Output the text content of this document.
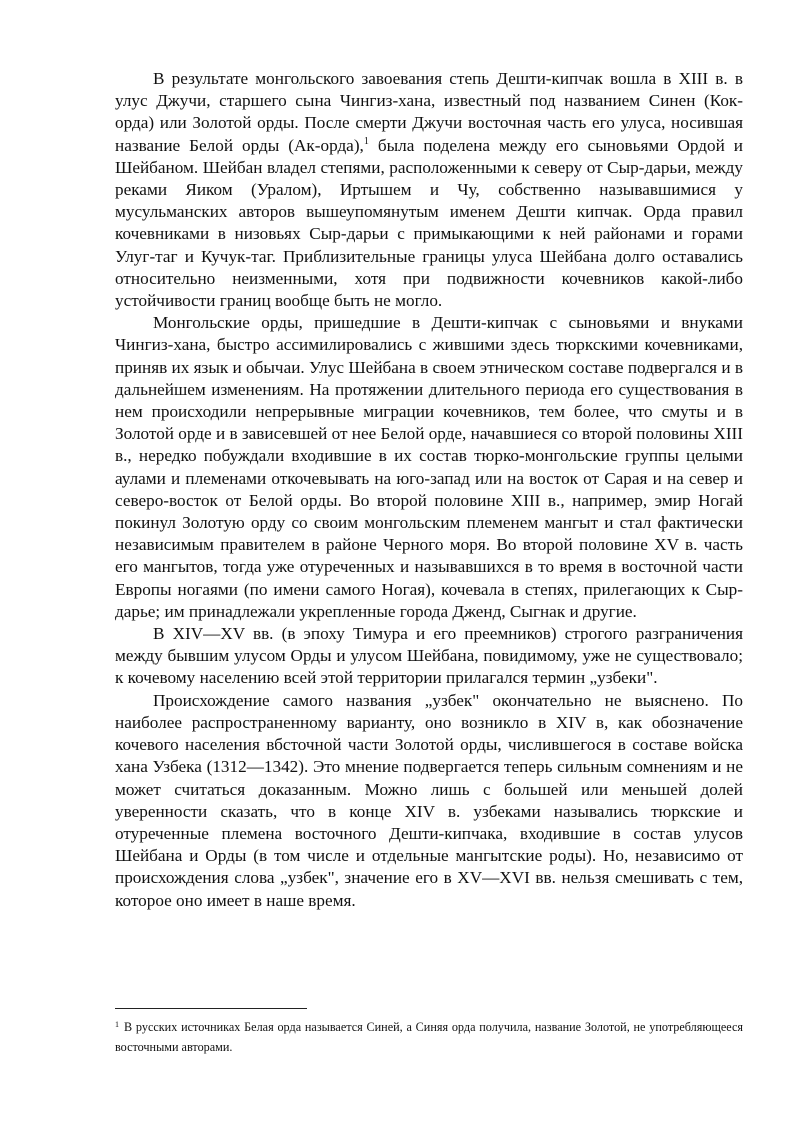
В результате монгольского завоевания степь Дешти-кипчак вошла в XIII в. в улус Джучи, старшего сына Чингиз-хана, известный под названием Синен (Кок-орда) или Золотой орды. После смерти Джучи восточная часть его улуса, носившая название Белой орды (Ак-орда),$^1$ была поделена между его сыновьями Ордой и Шейбаном. Шейбан владел степями, расположенными к северу от Сыр-дарьи, между реками Яиком (Уралом), Иртышем и Чу, собственно называвшимися у мусульманских авторов вышеупомянутым именем Дешти кипчак. Орда правил кочевниками в низовьях Сыр-дарьи с примыкающими к ней районами и горами Улуг-таг и Кучук-таг. Приблизительные границы улуса Шейбана долго оставались относительно неизменными, хотя при подвижности кочевников какой-либо устойчивости границ вообще быть не могло.

Монгольские орды, пришедшие в Дешти-кипчак с сыновьями и внуками Чингиз-хана, быстро ассимилировались с жившими здесь тюркскими кочевниками, приняв их язык и обычаи. Улус Шейбана в своем этническом составе подвергался и в дальнейшем изменениям. На протяжении длительного периода его существования в нем происходили непрерывные миграции кочевников, тем более, что смуты и в Золотой орде и в зависевшей от нее Белой орде, начавшиеся со второй половины XIII в., нередко побуждали входившие в их состав тюрко-монгольские группы целыми аулами и племенами откочевывать на юго-запад или на восток от Сарая и на север и северо-восток от Белой орды. Во второй половине XIII в., например, эмир Ногай покинул Золотую орду со своим монгольским племенем мангыт и стал фактически независимым правителем в районе Черного моря. Во второй половине XV в. часть его мангытов, тогда уже отуреченных и называвшихся в то время в восточной части Европы ногаями (по имени самого Ногая), кочевала в степях, прилегающих к Сыр-дарье; им принадлежали укрепленные города Дженд, Сыгнак и другие.

В XIV—XV вв. (в эпоху Тимура и его преемников) строгого разграничения между бывшим улусом Орды и улусом Шейбана, повидимому, уже не существовало; к кочевому населению всей этой территории прилагался термин „узбеки".

Происхождение самого названия „узбек" окончательно не выяснено. По наиболее распространенному варианту, оно возникло в XIV в, как обозначение кочевого населения вбсточной части Золотой орды, числившегося в составе войска хана Узбека (1312—1342). Это мнение подвергается теперь сильным сомнениям и не может считаться доказанным. Можно лишь с большей или меньшей долей уверенности сказать, что в конце XIV в. узбеками назывались тюркские и отуреченные племена восточного Дешти-кипчака, входившие в состав улусов Шейбана и Орды (в том числе и отдельные мангытские роды). Но, независимо от происхождения слова „узбек", значение его в XV—XVI вв. нельзя смешивать с тем, которое оно имеет в наше время.

$^1$ В русских источниках Белая орда называется Синей, а Синяя орда получила, название Золотой, не употребляющееся восточными авторами.
